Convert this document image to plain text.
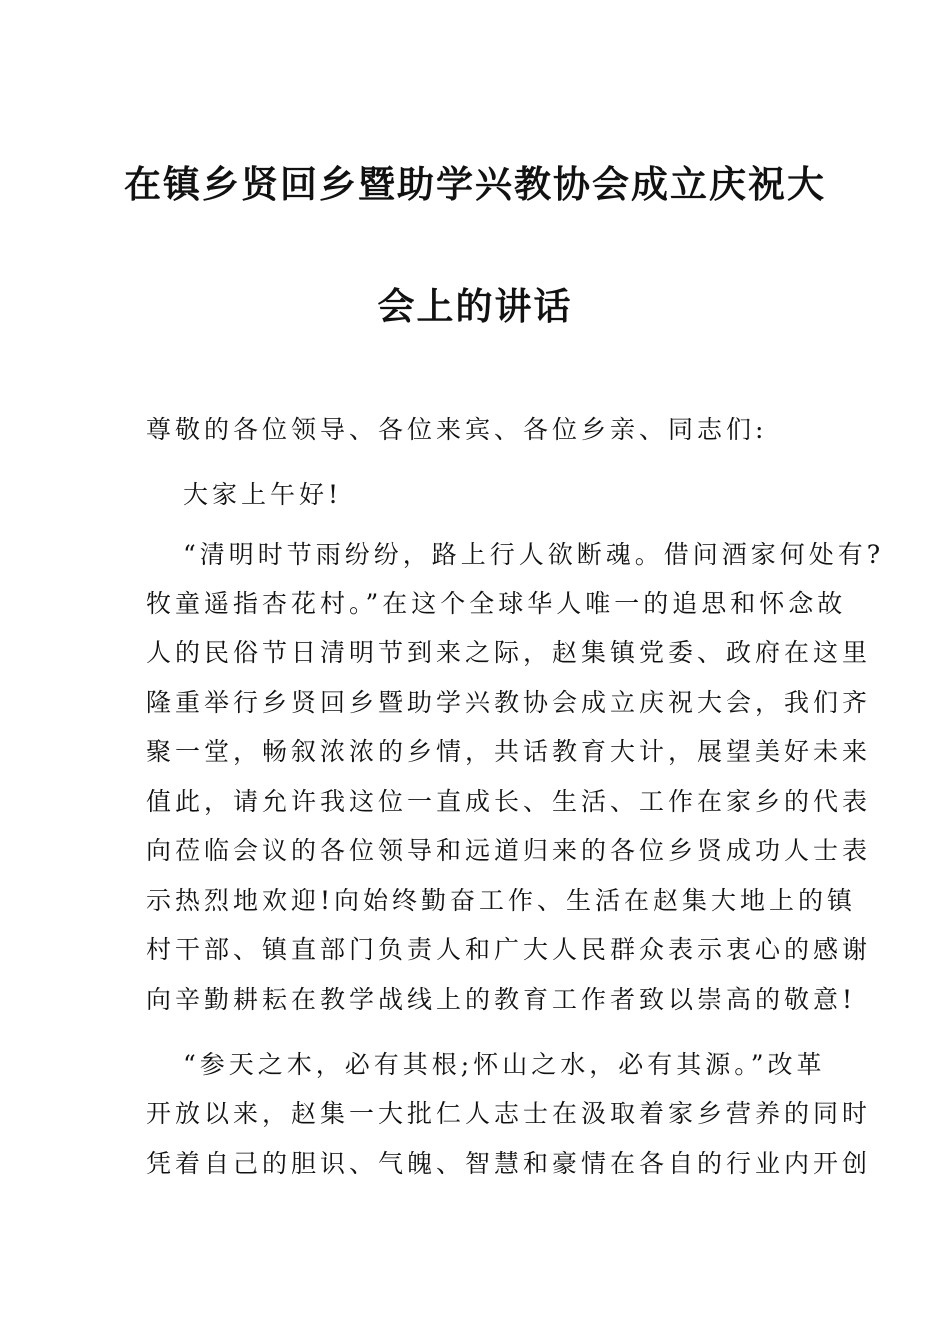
在镇乡贤回乡暨助学兴教协会成立庆祝大
会上的讲话
尊敬的各位领导、各位来宾、各位乡亲、同志们:
大家上午好!
“清明时节雨纷纷，路上行人欲断魂。借问酒家何处有?
牧童遥指杏花村。”在这个全球华人唯一的追思和怀念故
人的民俗节日清明节到来之际，赵集镇党委、政府在这里
隆重举行乡贤回乡暨助学兴教协会成立庆祝大会，我们齐
聚一堂，畅叙浓浓的乡情，共话教育大计，展望美好未来
值此，请允许我这位一直成长、生活、工作在家乡的代表
向莅临会议的各位领导和远道归来的各位乡贤成功人士表
示热烈地欢迎!向始终勤奋工作、生活在赵集大地上的镇
村干部、镇直部门负责人和广大人民群众表示衷心的感谢
向辛勤耕耘在教学战线上的教育工作者致以崇高的敬意!
“参天之木，必有其根;怀山之水，必有其源。”改革
开放以来，赵集一大批仁人志士在汲取着家乡营养的同时
凭着自己的胆识、气魄、智慧和豪情在各自的行业内开创
